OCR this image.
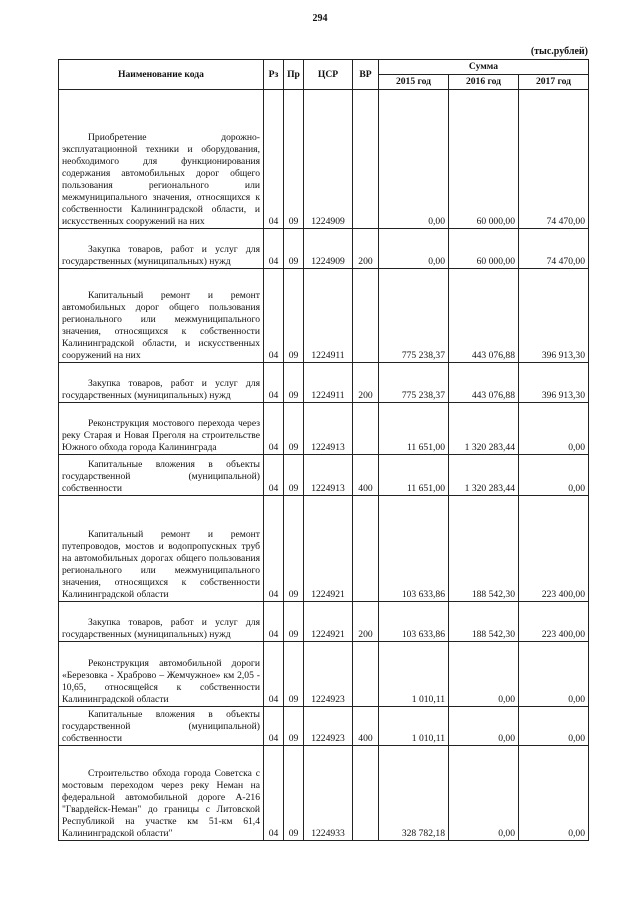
294
(тыс.рублей)
Наименование кода	Рз	Пр	ЦСР	ВР	Сумма		
					2015 год	2016 год	2017 год

Приобретение дорожно-эксплуатационной техники и оборудования, необходимого для функционирования содержания автомобильных дорог общего пользования регионального или межмуниципального значения, относящихся к собственности Калининградской области, и искусственных сооружений на них	04	09	1224909		0,00	60 000,00	74 470,00

Закупка товаров, работ и услуг для государственных (муниципальных) нужд	04	09	1224909	200	0,00	60 000,00	74 470,00

Капитальный ремонт и ремонт автомобильных дорог общего пользования регионального или межмуниципального значения, относящихся к собственности Калининградской области, и искусственных сооружений на них	04	09	1224911		775 238,37	443 076,88	396 913,30

Закупка товаров, работ и услуг для государственных (муниципальных) нужд	04	09	1224911	200	775 238,37	443 076,88	396 913,30

Реконструкция мостового перехода через реку Старая и Новая Преголя на строительстве Южного обхода города Калининграда	04	09	1224913		11 651,00	1 320 283,44	0,00

Капитальные вложения в объекты государственной (муниципальной) собственности	04	09	1224913	400	11 651,00	1 320 283,44	0,00

Капитальный ремонт и ремонт путепроводов, мостов и водопропускных труб на автомобильных дорогах общего пользования регионального или межмуниципального значения, относящихся к собственности Калининградской области	04	09	1224921		103 633,86	188 542,30	223 400,00

Закупка товаров, работ и услуг для государственных (муниципальных) нужд	04	09	1224921	200	103 633,86	188 542,30	223 400,00

Реконструкция автомобильной дороги «Березовка - Храброво – Жемчужное» км 2,05 - 10,65, относящейся к собственности Калининградской области	04	09	1224923		1 010,11	0,00	0,00

Капитальные вложения в объекты государственной (муниципальной) собственности	04	09	1224923	400	1 010,11	0,00	0,00

Строительство обхода города Советска с мостовым переходом через реку Неман на федеральной автомобильной дороге А-216 "Гвардейск-Неман" до границы с Литовской Республикой на участке км 51-км 61,4 Калининградской области"	04	09	1224933		328 782,18	0,00	0,00
